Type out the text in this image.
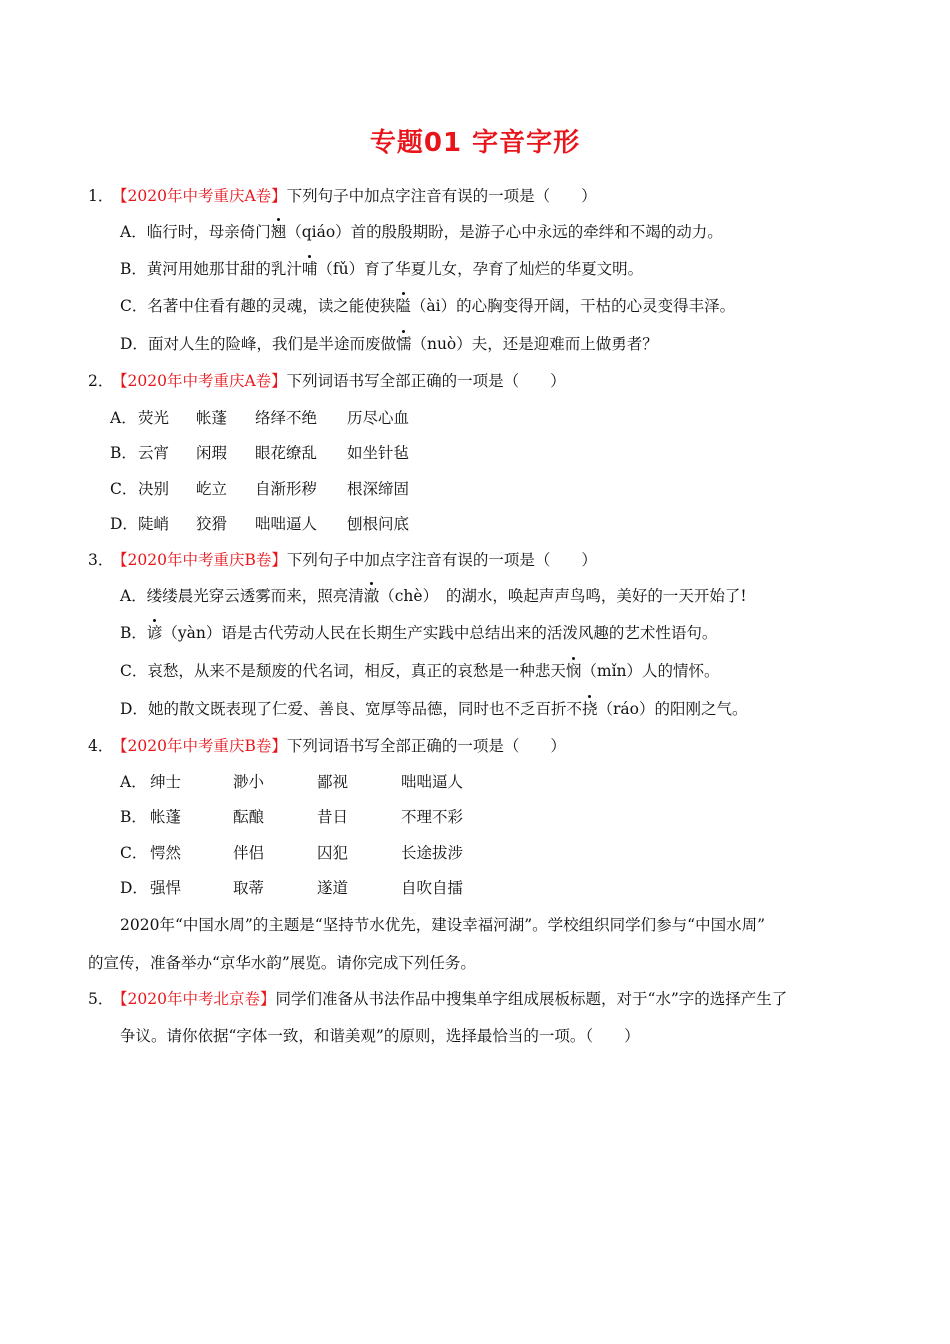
专题01 字音字形
1．【2020年中考重庆A卷】下列句子中加点字注音有误的一项是（　　）
A．临行时，母亲倚门翘（qiáo）首的殷殷期盼，是游子心中永远的牵绊和不竭的动力。
B．黄河用她那甘甜的乳汁哺（fǔ）育了华夏儿女，孕育了灿烂的华夏文明。
C．名著中住看有趣的灵魂，读之能使狭隘（ài）的心胸变得开阔，干枯的心灵变得丰泽。
D．面对人生的险峰，我们是半途而废做懦（nuò）夫，还是迎难而上做勇者？
2．【2020年中考重庆A卷】下列词语书写全部正确的一项是（　　）
A．荧光 帐蓬 络绎不绝 历尽心血
B．云宵 闲瑕 眼花缭乱 如坐针毡
C．决别 屹立 自渐形秽 根深缔固
D．陡峭 狡猾 咄咄逼人 刨根问底
3．【2020年中考重庆B卷】下列句子中加点字注音有误的一项是（　　）
A．缕缕晨光穿云透雾而来，照亮清澈（chè）　的湖水，唤起声声鸟鸣，美好的一天开始了!
B．谚（yàn）语是古代劳动人民在长期生产实践中总结出来的活泼风趣的艺术性语句。
C．哀愁，从来不是颓废的代名词，相反，真正的哀愁是一种悲天悯（mǐn）人的情怀。
D．她的散文既表现了仁爱、善良、宽厚等品德，同时也不乏百折不挠（ráo）的阳刚之气。
4．【2020年中考重庆B卷】下列词语书写全部正确的一项是（　　）
A． 绅士	渺小	鄙视	咄咄逼人
B． 帐蓬	酝酿	昔日	不理不彩
C． 愕然	伴侣	囚犯	长途拔涉
D． 强悍	取蒂	遂道	自吹自擂
2020年“中国水周”的主题是“坚持节水优先，建设幸福河湖”。学校组织同学们参与“中国水周”
的宣传，准备举办“京华水韵”展览。请你完成下列任务。
5．【2020年中考北京卷】同学们准备从书法作品中搜集单字组成展板标题，对于“水”字的选择产生了
争议。请你依据“字体一致，和谐美观”的原则，选择最恰当的一项。（　　）
